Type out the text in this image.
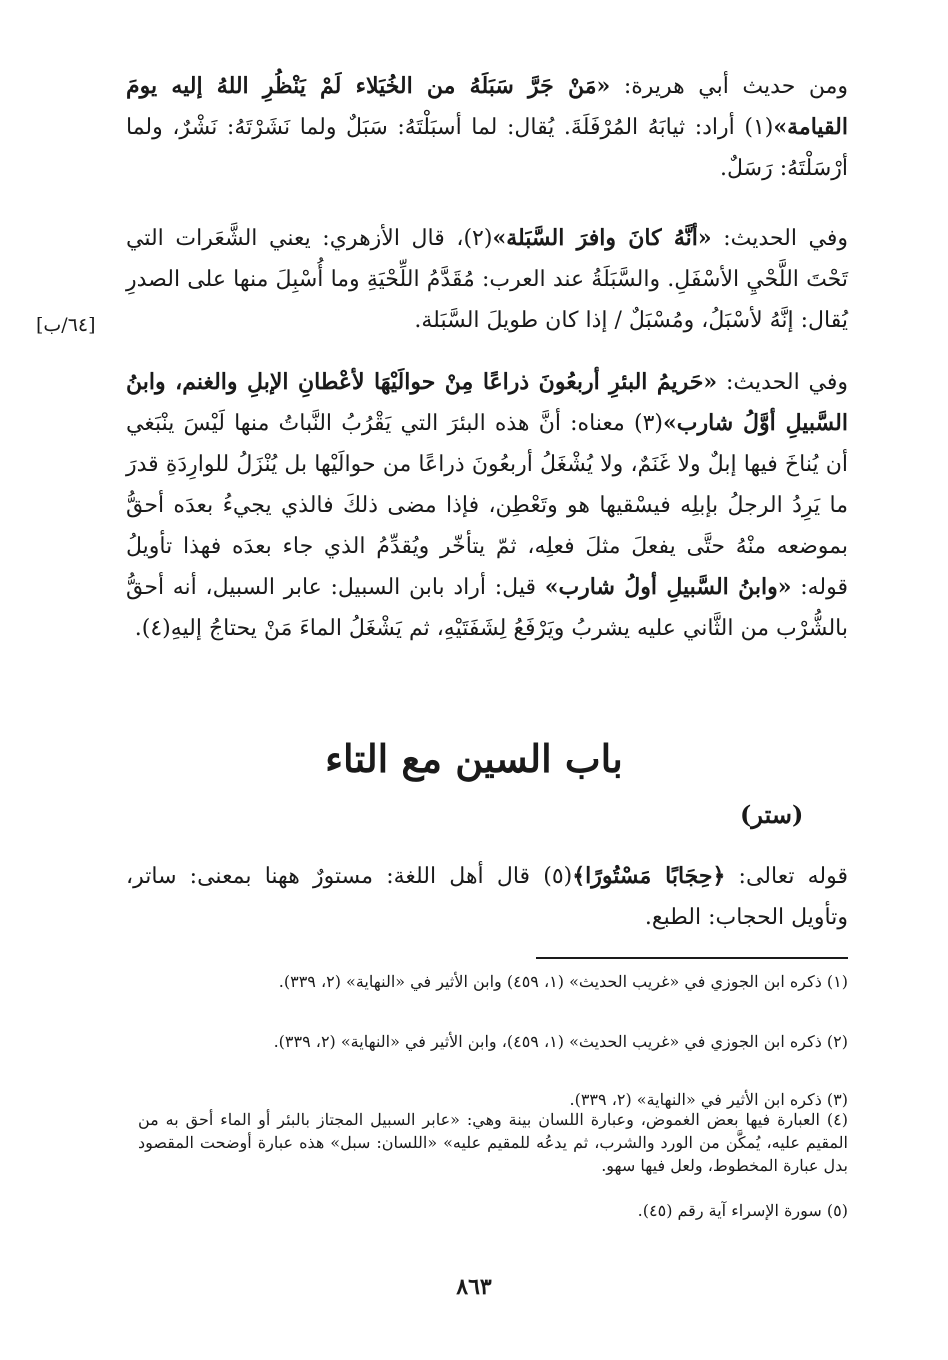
ومن حديث أبي هريرة: «مَنْ جَرَّ سَبَلَهُ من الخُيَلاء لَمْ يَنْظُرِ اللهُ إليه يومَ القيامة»(١) أراد: ثيابَهُ المُرْفَلَةَ. يُقال: لما أسبَلْتَهُ: سَبَلٌ ولما نَشَرْتَهُ: نَشْرٌ، ولما أرْسَلْتَهُ: رَسَلٌ.
وفي الحديث: «أنَّهُ كانَ وافرَ السَّبَلة»(٢)، قال الأزهري: يعني الشَّعَرات التي تَحْتَ اللَّحْيِ الأسْفَلِ. والسَّبَلَةُ عند العرب: مُقَدَّمُ اللِّحْيَةِ وما أُسْبِلَ منها على الصدرِ يُقال: إنَّهُ لأسْبَلُ، ومُسْبَلٌ / إذا كان طويلَ السَّبَلة.
[٦٤/ب]
وفي الحديث: «حَريمُ البئرِ أربعُونَ ذراعًا مِنْ حوالَيْهَا لأعْطانِ الإبلِ والغنم، وابنُ السَّبيلِ أوَّلُ شارب»(٣) معناه: أنَّ هذه البئرَ التي يَقْرُبُ النَّباتُ منها لَيْسَ ينْبَغي أن يُناخَ فيها إبلٌ ولا غَنَمٌ، ولا يُشْغَلُ أربعُونَ ذراعًا من حوالَيْها بل يُنْزَلُ للوارِدَةِ قدرَ ما يَرِدُ الرجلُ بإبلِه فيسْقيها هو وتَعْطِن، فإذا مضى ذلكَ فالذي يجيءُ بعدَه أحقُّ بموضعه منْهُ حتَّى يفعلَ مثلَ فعلِه، ثمّ يتأخّر ويُقدِّمُ الذي جاء بعدَه فهذا تأويلُ قوله: «وابنُ السَّبيلِ أولُ شارب» قيل: أراد بابن السبيل: عابر السبيل، أنه أحقُّ بالشُّرْب من الثَّاني عليه يشربُ ويَرْفَعُ لِشَفَتَيْهِ، ثم يَشْغَلُ الماءَ مَنْ يحتاجُ إليهِ(٤).
باب السين مع التاء
(ستر)
قوله تعالى: ﴿حِجَابًا مَسْتُورًا﴾(٥) قال أهل اللغة: مستورٌ ههنا بمعنى: ساتر، وتأويل الحجاب: الطبع.
(١) ذكره ابن الجوزي في «غريب الحديث» (١، ٤٥٩) وابن الأثير في «النهاية» (٢، ٣٣٩).
(٢) ذكره ابن الجوزي في «غريب الحديث» (١، ٤٥٩)، وابن الأثير في «النهاية» (٢، ٣٣٩).
(٣) ذكره ابن الأثير في «النهاية» (٢، ٣٣٩).
(٤) العبارة فيها بعض الغموض، وعبارة اللسان بينة وهي: «عابر السبيل المجتاز بالبئر أو الماء أحق به من المقيم عليه، يُمكَّن من الورد والشرب، ثم يدعُه للمقيم عليه» «اللسان: سبل» هذه عبارة أوضحت المقصود بدل عبارة المخطوط، ولعل فيها سهو.
(٥) سورة الإسراء آية رقم (٤٥).
٨٦٣
